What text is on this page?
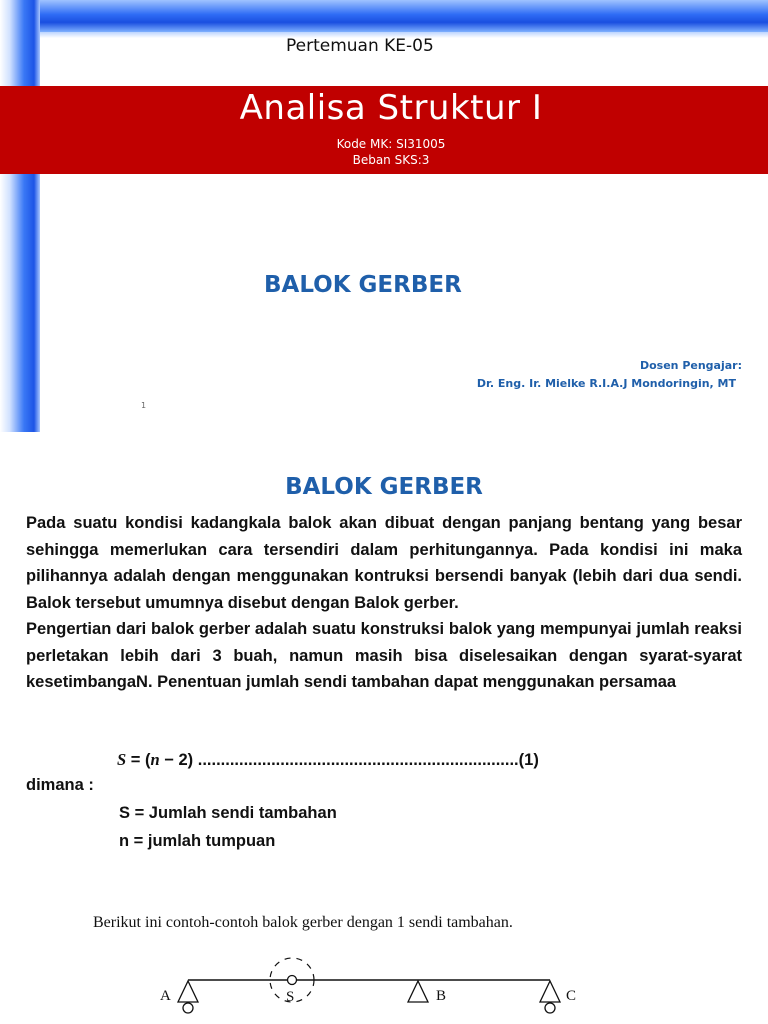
Pertemuan KE-05
Analisa Struktur I
Kode MK: SI31005
Beban SKS:3
BALOK GERBER
Dosen Pengajar:
Dr. Eng. Ir. Mielke R.I.A.J Mondoringin, MT
1
BALOK GERBER

Pada suatu kondisi kadangkala balok akan dibuat dengan panjang bentang yang besar sehingga memerlukan cara tersendiri dalam perhitungannya. Pada kondisi ini maka pilihannya adalah dengan menggunakan kontruksi bersendi banyak (lebih dari dua sendi. Balok tersebut umumnya disebut dengan Balok gerber.

Pengertian dari balok gerber adalah suatu konstruksi balok yang mempunyai jumlah reaksi perletakan lebih dari 3 buah, namun masih bisa diselesaikan dengan syarat-syarat kesetimbangaN. Penentuan jumlah sendi tambahan dapat menggunakan persamaa

S = (n − 2) ......................................................................(1)
dimana :
S = Jumlah sendi tambahan
n = jumlah tumpuan
Berikut ini contoh-contoh balok gerber dengan 1 sendi tambahan.
A	S	B	C
